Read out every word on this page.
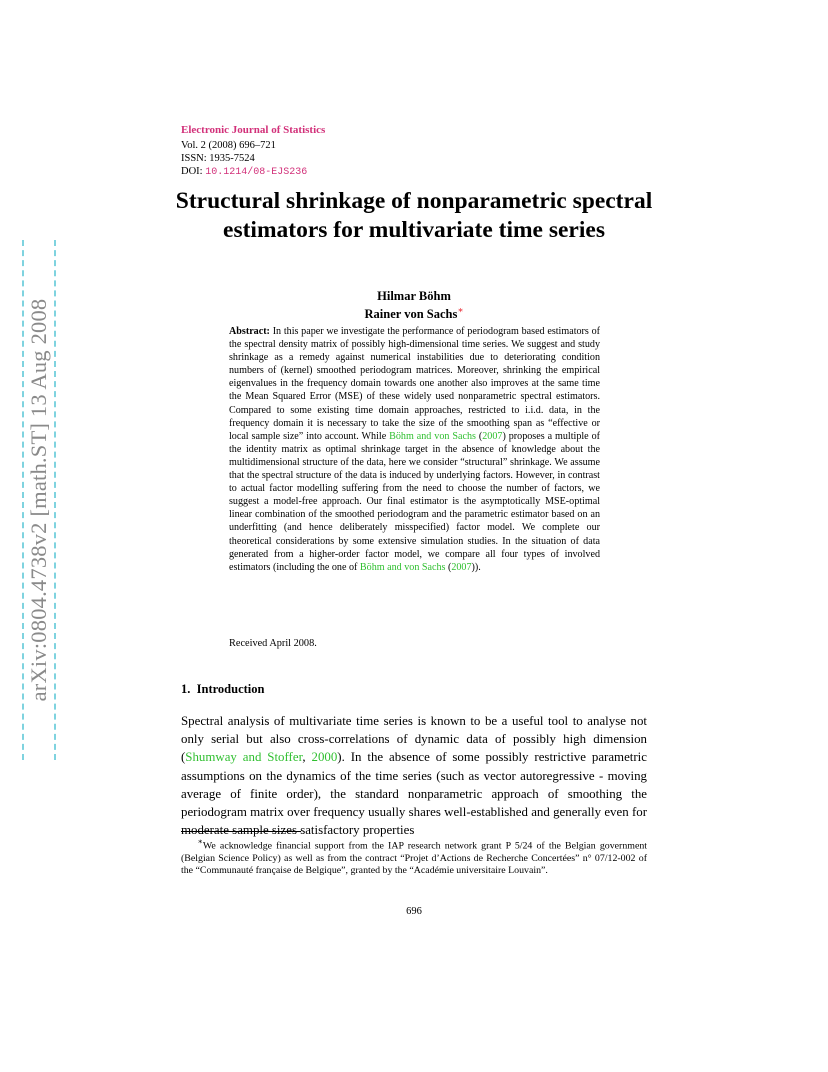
arXiv:0804.4738v2 [math.ST] 13 Aug 2008
Electronic Journal of Statistics
Vol. 2 (2008) 696–721
ISSN: 1935-7524
DOI: 10.1214/08-EJS236
Structural shrinkage of nonparametric spectral estimators for multivariate time series
Hilmar Böhm
Rainer von Sachs∗
Abstract: In this paper we investigate the performance of periodogram based estimators of the spectral density matrix of possibly high-dimensional time series. We suggest and study shrinkage as a remedy against numerical instabilities due to deteriorating condition numbers of (kernel) smoothed periodogram matrices. Moreover, shrinking the empirical eigenvalues in the frequency domain towards one another also improves at the same time the Mean Squared Error (MSE) of these widely used nonparametric spectral estimators. Compared to some existing time domain approaches, restricted to i.i.d. data, in the frequency domain it is necessary to take the size of the smoothing span as “effective or local sample size” into account. While Böhm and von Sachs (2007) proposes a multiple of the identity matrix as optimal shrinkage target in the absence of knowledge about the multidimensional structure of the data, here we consider “structural” shrinkage. We assume that the spectral structure of the data is induced by underlying factors. However, in contrast to actual factor modelling suffering from the need to choose the number of factors, we suggest a model-free approach. Our final estimator is the asymptotically MSE-optimal linear combination of the smoothed periodogram and the parametric estimator based on an underfitting (and hence deliberately misspecified) factor model. We complete our theoretical considerations by some extensive simulation studies. In the situation of data generated from a higher-order factor model, we compare all four types of involved estimators (including the one of Böhm and von Sachs (2007)).
Received April 2008.
1. Introduction
Spectral analysis of multivariate time series is known to be a useful tool to analyse not only serial but also cross-correlations of dynamic data of possibly high dimension (Shumway and Stoffer, 2000). In the absence of some possibly restrictive parametric assumptions on the dynamics of the time series (such as vector autoregressive - moving average of finite order), the standard nonparametric approach of smoothing the periodogram matrix over frequency usually shares well-established and generally even for moderate sample sizes satisfactory properties
∗We acknowledge financial support from the IAP research network grant P 5/24 of the Belgian government (Belgian Science Policy) as well as from the contract “Projet d’Actions de Recherche Concertées” n° 07/12-002 of the “Communauté française de Belgique”, granted by the “Académie universitaire Louvain”.
696
